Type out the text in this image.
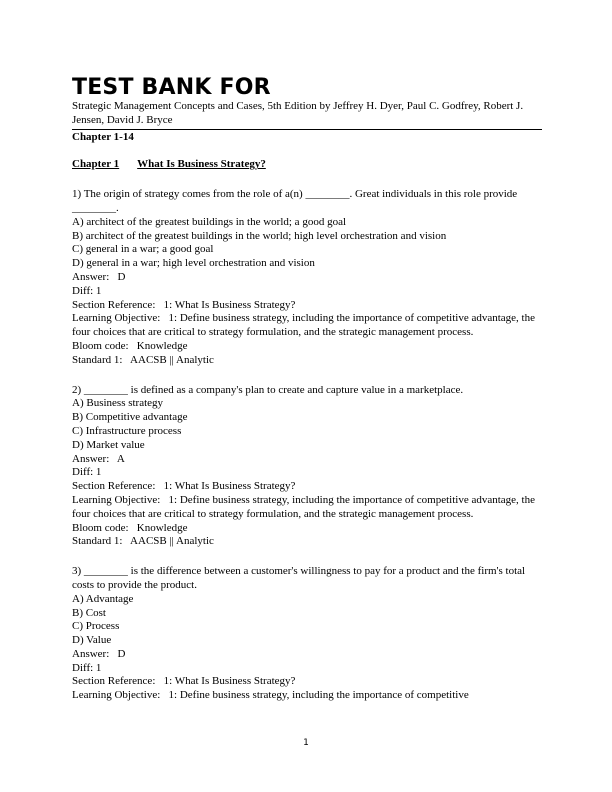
TEST BANK FOR

Strategic Management Concepts and Cases, 5th Edition by Jeffrey H. Dyer, Paul C. Godfrey, Robert J. Jensen, David J. Bryce

Chapter 1-14

Chapter 1 What Is Business Strategy?

1) The origin of strategy comes from the role of a(n) ________. Great individuals in this role provide ________.

A) architect of the greatest buildings in the world; a good goal

B) architect of the greatest buildings in the world; high level orchestration and vision

C) general in a war; a good goal

D) general in a war; high level orchestration and vision

Answer:   D

Diff: 1

Section Reference:   1: What Is Business Strategy?

Learning Objective:   1: Define business strategy, including the importance of competitive advantage, the four choices that are critical to strategy formulation, and the strategic management process.

Bloom code:   Knowledge

Standard 1:   AACSB || Analytic

2) ________ is defined as a company's plan to create and capture value in a marketplace.

A) Business strategy

B) Competitive advantage

C) Infrastructure process

D) Market value

Answer:   A

Diff: 1

Section Reference:   1: What Is Business Strategy?

Learning Objective:   1: Define business strategy, including the importance of competitive advantage, the four choices that are critical to strategy formulation, and the strategic management process.

Bloom code:   Knowledge

Standard 1:   AACSB || Analytic

3) ________ is the difference between a customer's willingness to pay for a product and the firm's total costs to provide the product.

A) Advantage

B) Cost

C) Process

D) Value

Answer:   D

Diff: 1

Section Reference:   1: What Is Business Strategy?

Learning Objective:   1: Define business strategy, including the importance of competitive

1
